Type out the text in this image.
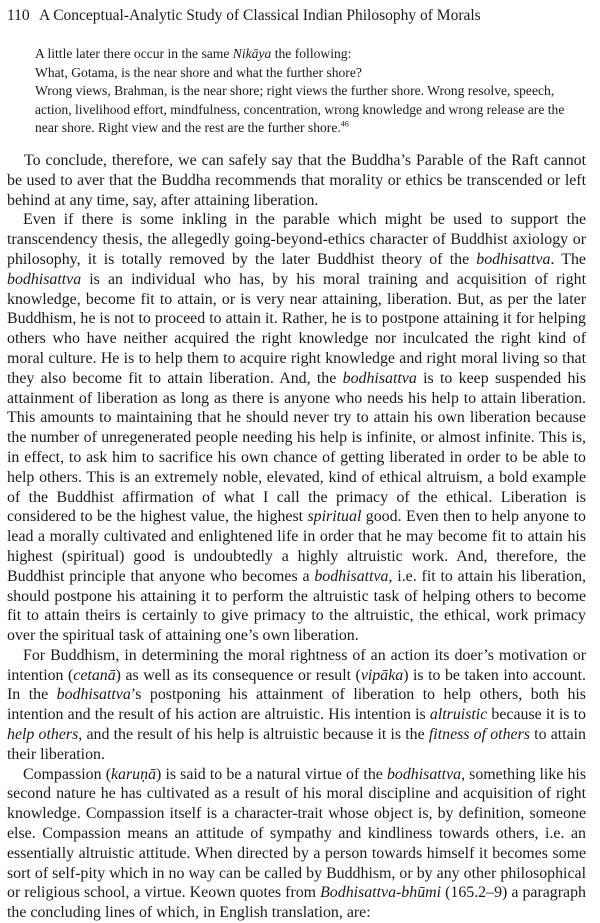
110 A Conceptual-Analytic Study of Classical Indian Philosophy of Morals

A little later there occur in the same Nikāya the following:

What, Gotama, is the near shore and what the further shore?

Wrong views, Brahman, is the near shore; right views the further shore. Wrong resolve, speech, action, livelihood effort, mindfulness, concentration, wrong knowledge and wrong release are the near shore. Right view and the rest are the further shore.$^{46}$

To conclude, therefore, we can safely say that the Buddha’s Parable of the Raft cannot be used to aver that the Buddha recommends that morality or ethics be transcended or left behind at any time, say, after attaining liberation.

Even if there is some inkling in the parable which might be used to support the transcendency thesis, the allegedly going-beyond-ethics character of Buddhist axiology or philosophy, it is totally removed by the later Buddhist theory of the bodhisattva. The bodhisattva is an individual who has, by his moral training and acquisition of right knowledge, become fit to attain, or is very near attaining, liberation. But, as per the later Buddhism, he is not to proceed to attain it. Rather, he is to postpone attaining it for helping others who have neither acquired the right knowledge nor inculcated the right kind of moral culture. He is to help them to acquire right knowledge and right moral living so that they also become fit to attain liberation. And, the bodhisattva is to keep suspended his attainment of liberation as long as there is anyone who needs his help to attain liberation. This amounts to maintaining that he should never try to attain his own liberation because the number of unregenerated people needing his help is infinite, or almost infinite. This is, in effect, to ask him to sacrifice his own chance of getting liberated in order to be able to help others. This is an extremely noble, elevated, kind of ethical altruism, a bold example of the Buddhist affirmation of what I call the primacy of the ethical. Liberation is considered to be the highest value, the highest spiritual good. Even then to help anyone to lead a morally cultivated and enlightened life in order that he may become fit to attain his highest (spiritual) good is undoubtedly a highly altruistic work. And, therefore, the Buddhist principle that anyone who becomes a bodhisattva, i.e. fit to attain his liberation, should postpone his attaining it to perform the altruistic task of helping others to become fit to attain theirs is certainly to give primacy to the altruistic, the ethical, work primacy over the spiritual task of attaining one’s own liberation.

For Buddhism, in determining the moral rightness of an action its doer’s motivation or intention (cetanā) as well as its consequence or result (vipāka) is to be taken into account. In the bodhisattva’s postponing his attainment of liberation to help others, both his intention and the result of his action are altruistic. His intention is altruistic because it is to help others, and the result of his help is altruistic because it is the fitness of others to attain their liberation.

Compassion (karuṇā) is said to be a natural virtue of the bodhisattva, something like his second nature he has cultivated as a result of his moral discipline and acquisition of right knowledge. Compassion itself is a character-trait whose object is, by definition, someone else. Compassion means an attitude of sympathy and kindliness towards others, i.e. an essentially altruistic attitude. When directed by a person towards himself it becomes some sort of self-pity which in no way can be called by Buddhism, or by any other philosophical or religious school, a virtue. Keown quotes from Bodhisattva-bhūmi (165.2–9) a paragraph the concluding lines of which, in English translation, are:
